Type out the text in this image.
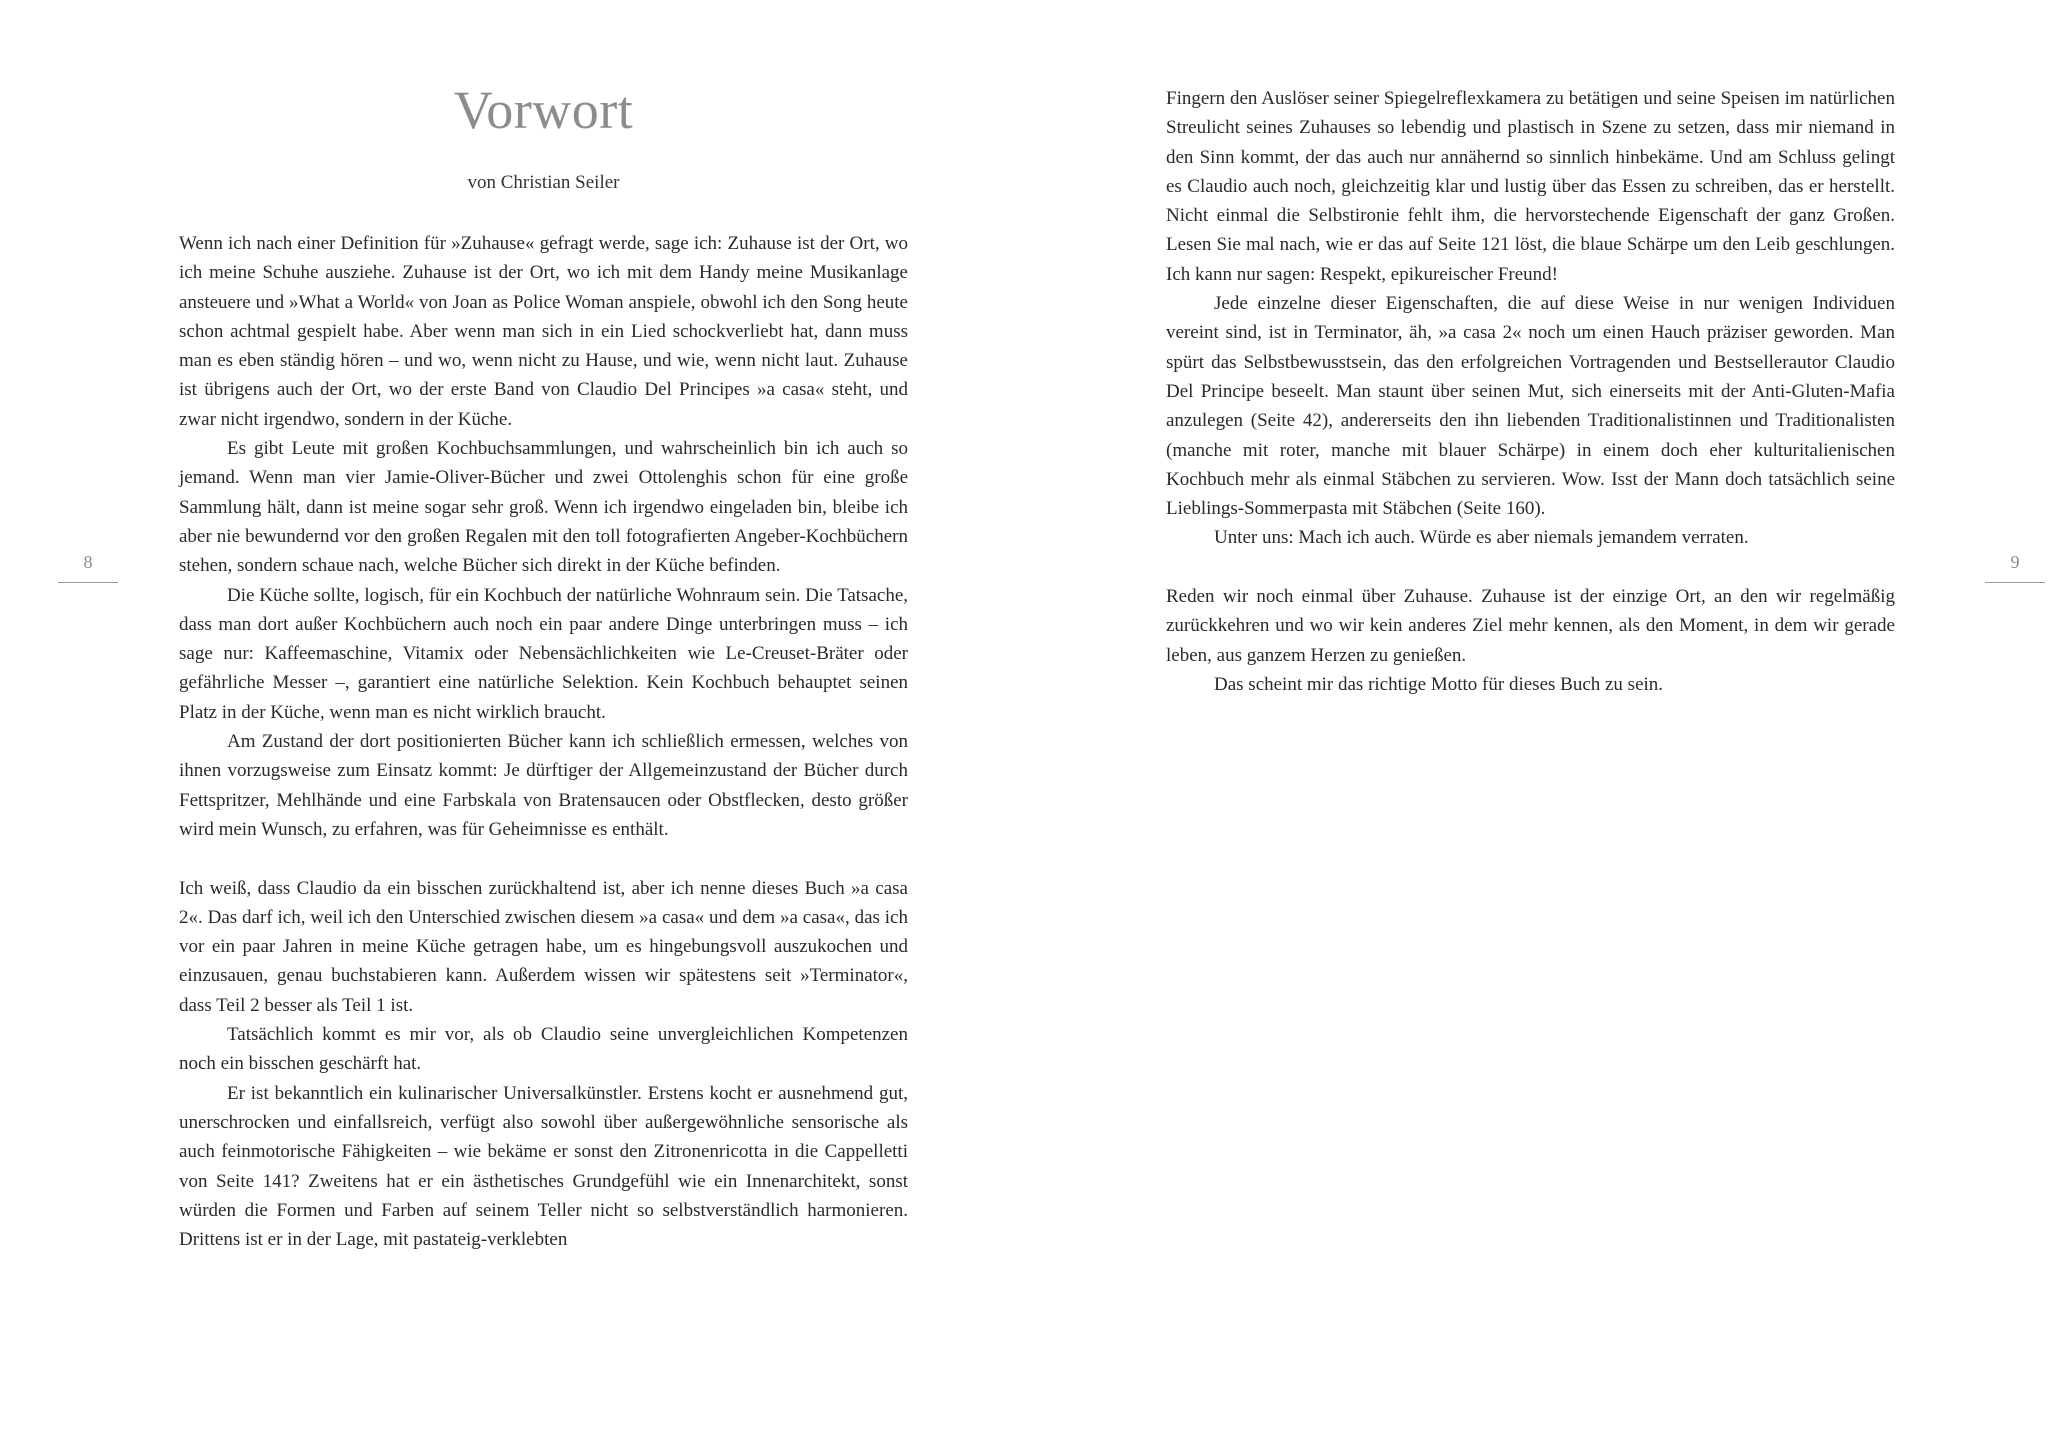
Vorwort
von Christian Seiler

Wenn ich nach einer Definition für »Zuhause« gefragt werde, sage ich: Zuhause ist der Ort, wo ich meine Schuhe ausziehe. Zuhause ist der Ort, wo ich mit dem Handy meine Musikanlage ansteuere und »What a World« von Joan as Police Woman anspiele, obwohl ich den Song heute schon achtmal gespielt habe. Aber wenn man sich in ein Lied schockverliebt hat, dann muss man es eben ständig hören – und wo, wenn nicht zu Hause, und wie, wenn nicht laut. Zuhause ist übrigens auch der Ort, wo der erste Band von Claudio Del Principes »a casa« steht, und zwar nicht irgendwo, sondern in der Küche.

Es gibt Leute mit großen Kochbuchsammlungen, und wahrscheinlich bin ich auch so jemand. Wenn man vier Jamie-Oliver-Bücher und zwei Ottolenghis schon für eine große Sammlung hält, dann ist meine sogar sehr groß. Wenn ich irgendwo eingeladen bin, bleibe ich aber nie bewundernd vor den großen Regalen mit den toll fotografierten Angeber-Kochbüchern stehen, sondern schaue nach, welche Bücher sich direkt in der Küche befinden.

Die Küche sollte, logisch, für ein Kochbuch der natürliche Wohnraum sein. Die Tatsache, dass man dort außer Kochbüchern auch noch ein paar andere Dinge unterbringen muss – ich sage nur: Kaffeemaschine, Vitamix oder Nebensächlichkeiten wie Le-Creuset-Bräter oder gefährliche Messer –, garantiert eine natürliche Selektion. Kein Kochbuch behauptet seinen Platz in der Küche, wenn man es nicht wirklich braucht.

Am Zustand der dort positionierten Bücher kann ich schließlich ermessen, welches von ihnen vorzugsweise zum Einsatz kommt: Je dürftiger der Allgemeinzustand der Bücher durch Fettspritzer, Mehlhände und eine Farbskala von Bratensaucen oder Obstflecken, desto größer wird mein Wunsch, zu erfahren, was für Geheimnisse es enthält.

Ich weiß, dass Claudio da ein bisschen zurückhaltend ist, aber ich nenne dieses Buch »a casa 2«. Das darf ich, weil ich den Unterschied zwischen diesem »a casa« und dem »a casa«, das ich vor ein paar Jahren in meine Küche getragen habe, um es hingebungsvoll auszukochen und einzusauen, genau buchstabieren kann. Außerdem wissen wir spätestens seit »Terminator«, dass Teil 2 besser als Teil 1 ist.

Tatsächlich kommt es mir vor, als ob Claudio seine unvergleichlichen Kompetenzen noch ein bisschen geschärft hat.

Er ist bekanntlich ein kulinarischer Universalkünstler. Erstens kocht er ausnehmend gut, unerschrocken und einfallsreich, verfügt also sowohl über außergewöhnliche sensorische als auch feinmotorische Fähigkeiten – wie bekäme er sonst den Zitronenricotta in die Cappelletti von Seite 141? Zweitens hat er ein ästhetisches Grundgefühl wie ein Innenarchitekt, sonst würden die Formen und Farben auf seinem Teller nicht so selbstverständlich harmonieren. Drittens ist er in der Lage, mit pastateig-verklebten

8

Fingern den Auslöser seiner Spiegelreflexkamera zu betätigen und seine Speisen im natürlichen Streulicht seines Zuhauses so lebendig und plastisch in Szene zu setzen, dass mir niemand in den Sinn kommt, der das auch nur annähernd so sinnlich hinbekäme. Und am Schluss gelingt es Claudio auch noch, gleichzeitig klar und lustig über das Essen zu schreiben, das er herstellt. Nicht einmal die Selbstironie fehlt ihm, die hervorstechende Eigenschaft der ganz Großen. Lesen Sie mal nach, wie er das auf Seite 121 löst, die blaue Schärpe um den Leib geschlungen. Ich kann nur sagen: Respekt, epikureischer Freund!

Jede einzelne dieser Eigenschaften, die auf diese Weise in nur wenigen Individuen vereint sind, ist in Terminator, äh, »a casa 2« noch um einen Hauch präziser geworden. Man spürt das Selbstbewusstsein, das den erfolgreichen Vortragenden und Bestsellerautor Claudio Del Principe beseelt. Man staunt über seinen Mut, sich einerseits mit der Anti-Gluten-Mafia anzulegen (Seite 42), andererseits den ihn liebenden Traditionalistinnen und Traditionalisten (manche mit roter, manche mit blauer Schärpe) in einem doch eher kulturitalienischen Kochbuch mehr als einmal Stäbchen zu servieren. Wow. Isst der Mann doch tatsächlich seine Lieblings-Sommerpasta mit Stäbchen (Seite 160).

Unter uns: Mach ich auch. Würde es aber niemals jemandem verraten.

Reden wir noch einmal über Zuhause. Zuhause ist der einzige Ort, an den wir regelmäßig zurückkehren und wo wir kein anderes Ziel mehr kennen, als den Moment, in dem wir gerade leben, aus ganzem Herzen zu genießen.

Das scheint mir das richtige Motto für dieses Buch zu sein.

9
